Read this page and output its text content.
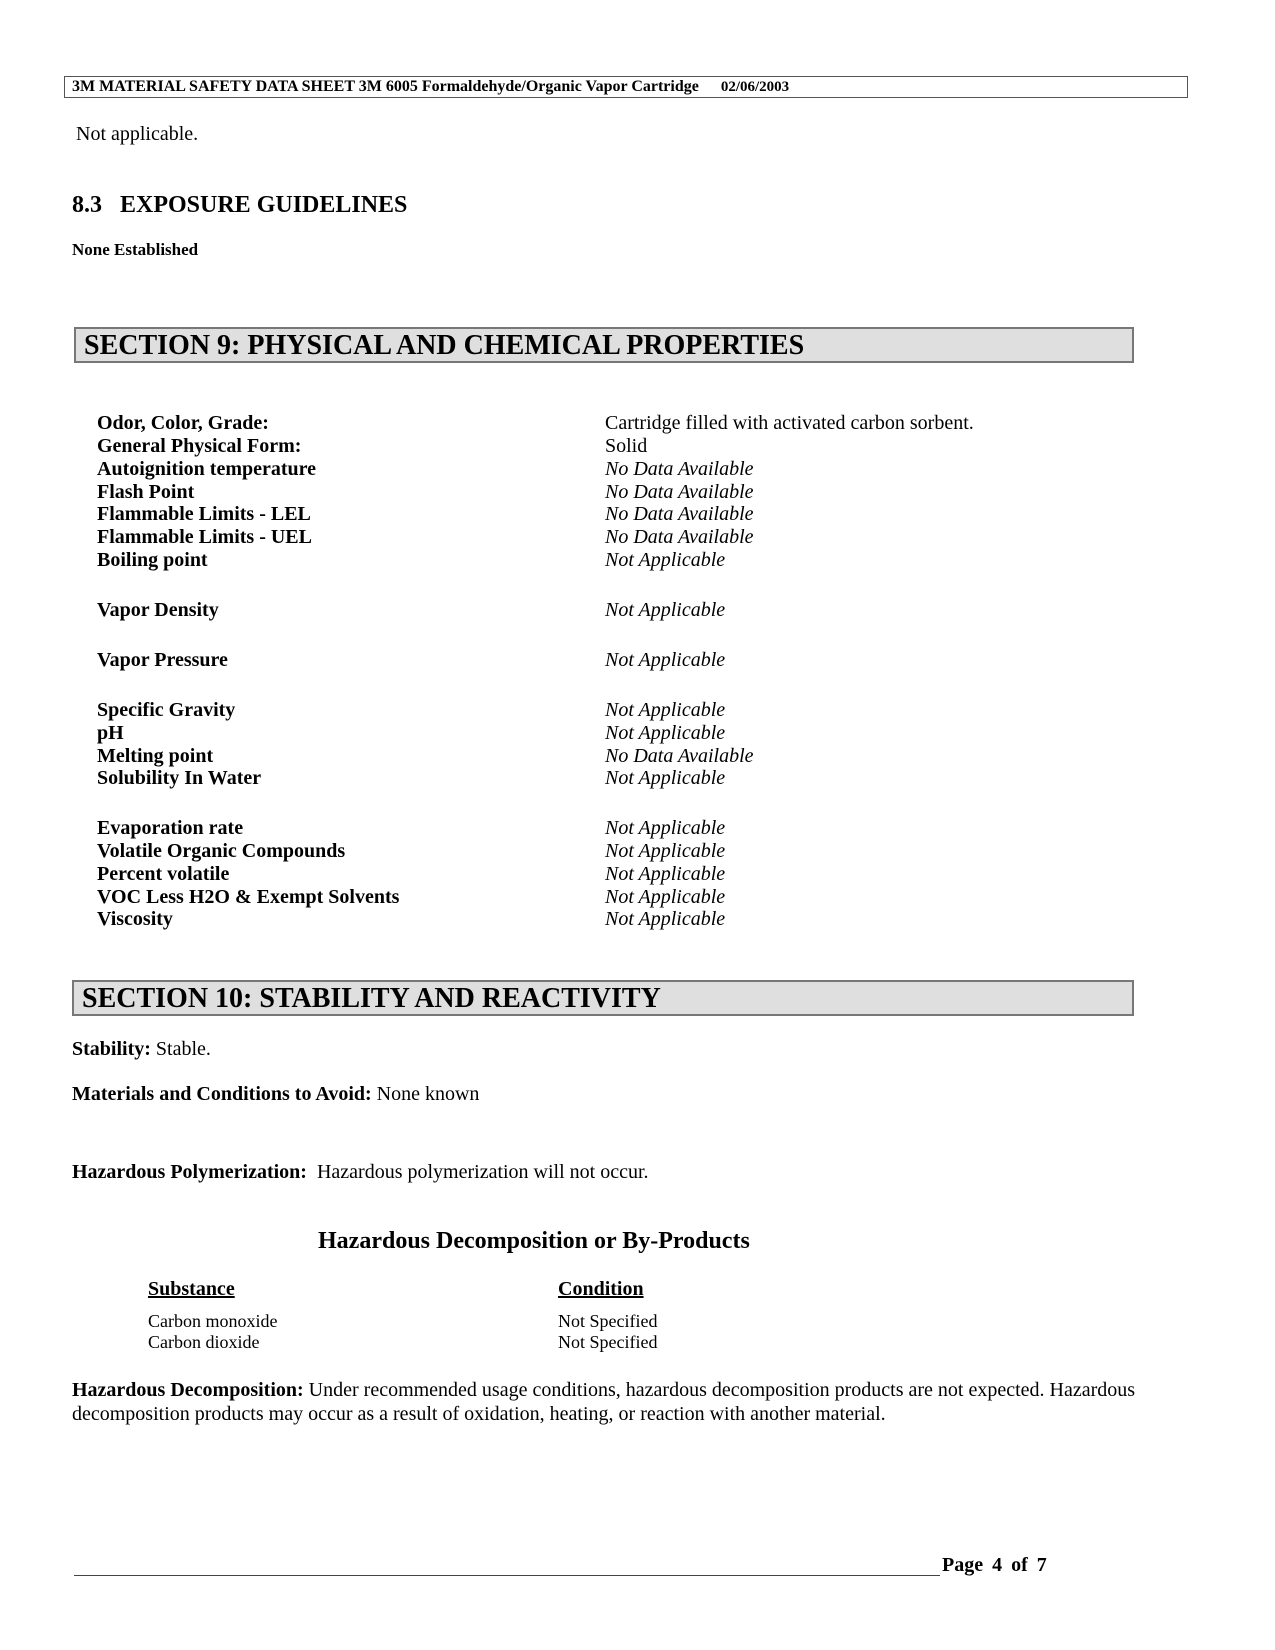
3M MATERIAL SAFETY DATA SHEET 3M 6005 Formaldehyde/Organic Vapor Cartridge 02/06/2003
Not applicable.
8.3   EXPOSURE GUIDELINES
None Established
SECTION 9: PHYSICAL AND CHEMICAL PROPERTIES
Odor, Color, Grade:	Cartridge filled with activated carbon sorbent.
General Physical Form:	Solid
Autoignition temperature	No Data Available
Flash Point	No Data Available
Flammable Limits - LEL	No Data Available
Flammable Limits - UEL	No Data Available
Boiling point	Not Applicable
Vapor Density	Not Applicable
Vapor Pressure	Not Applicable
Specific Gravity	Not Applicable
pH	Not Applicable
Melting point	No Data Available
Solubility In Water	Not Applicable
Evaporation rate	Not Applicable
Volatile Organic Compounds	Not Applicable
Percent volatile	Not Applicable
VOC Less H2O & Exempt Solvents	Not Applicable
Viscosity	Not Applicable
SECTION 10: STABILITY AND REACTIVITY
Stability: Stable.
Materials and Conditions to Avoid: None known
Hazardous Polymerization: Hazardous polymerization will not occur.
Hazardous Decomposition or By-Products
Substance	Condition
Carbon monoxide	Not Specified
Carbon dioxide	Not Specified
Hazardous Decomposition: Under recommended usage conditions, hazardous decomposition products are not expected. Hazardous decomposition products may occur as a result of oxidation, heating, or reaction with another material.
Page 4 of 7
